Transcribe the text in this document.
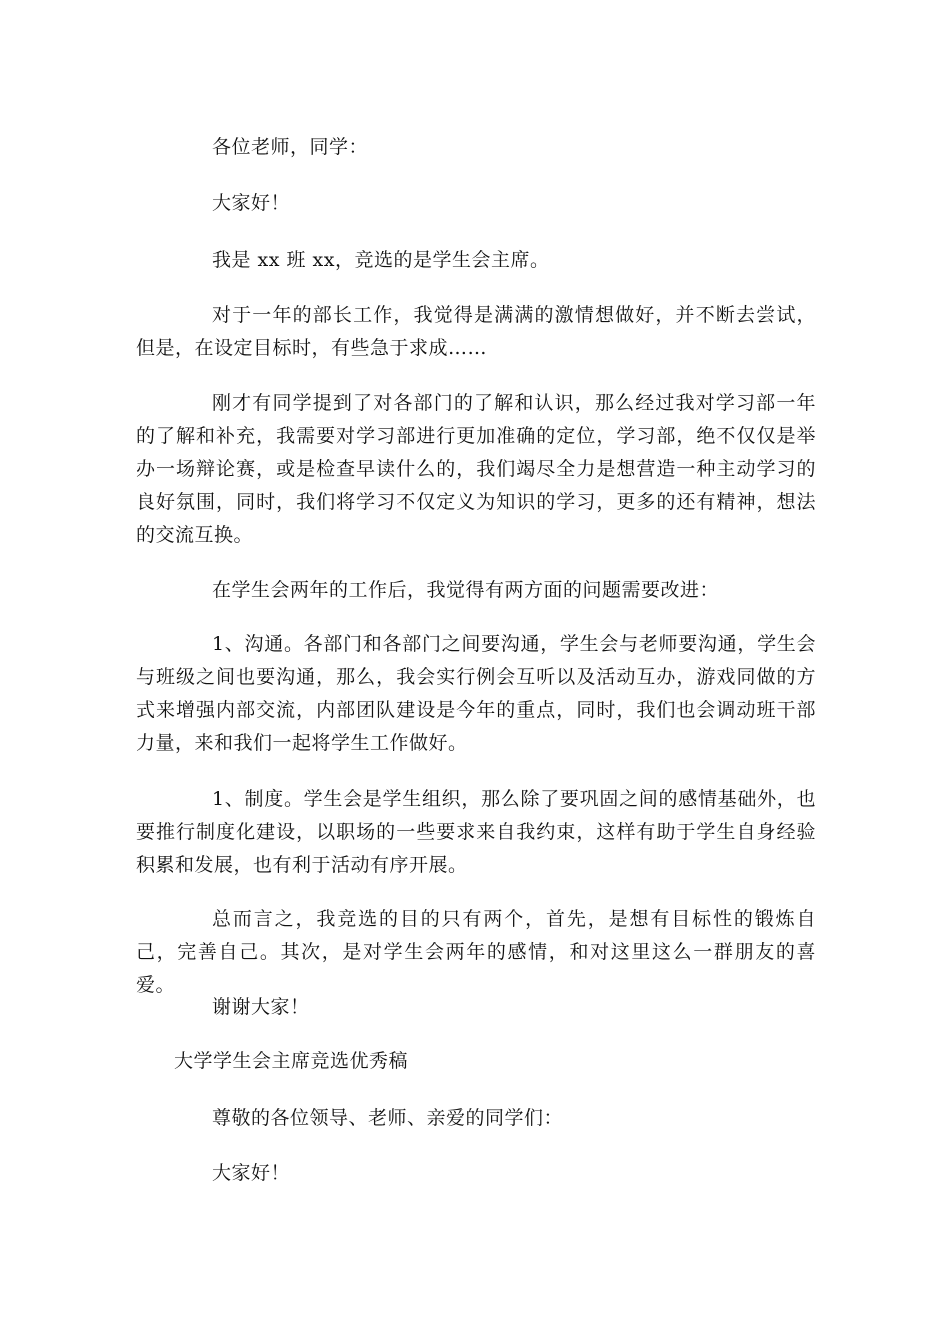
各位老师，同学：

大家好！

我是 xx 班 xx，竞选的是学生会主席。

对于一年的部长工作，我觉得是满满的激情想做好，并不断去尝试，但是，在设定目标时，有些急于求成……

刚才有同学提到了对各部门的了解和认识，那么经过我对学习部一年的了解和补充，我需要对学习部进行更加准确的定位，学习部，绝不仅仅是举办一场辩论赛，或是检查早读什么的，我们竭尽全力是想营造一种主动学习的良好氛围，同时，我们将学习不仅定义为知识的学习，更多的还有精神，想法的交流互换。

在学生会两年的工作后，我觉得有两方面的问题需要改进：

1、沟通。各部门和各部门之间要沟通，学生会与老师要沟通，学生会与班级之间也要沟通，那么，我会实行例会互听以及活动互办，游戏同做的方式来增强内部交流，内部团队建设是今年的重点，同时，我们也会调动班干部力量，来和我们一起将学生工作做好。

1、制度。学生会是学生组织，那么除了要巩固之间的感情基础外，也要推行制度化建设，以职场的一些要求来自我约束，这样有助于学生自身经验积累和发展，也有利于活动有序开展。

总而言之，我竞选的目的只有两个，首先，是想有目标性的锻炼自己，完善自己。其次，是对学生会两年的感情，和对这里这么一群朋友的喜爱。

谢谢大家！

大学学生会主席竞选优秀稿

尊敬的各位领导、老师、亲爱的同学们：

大家好！
